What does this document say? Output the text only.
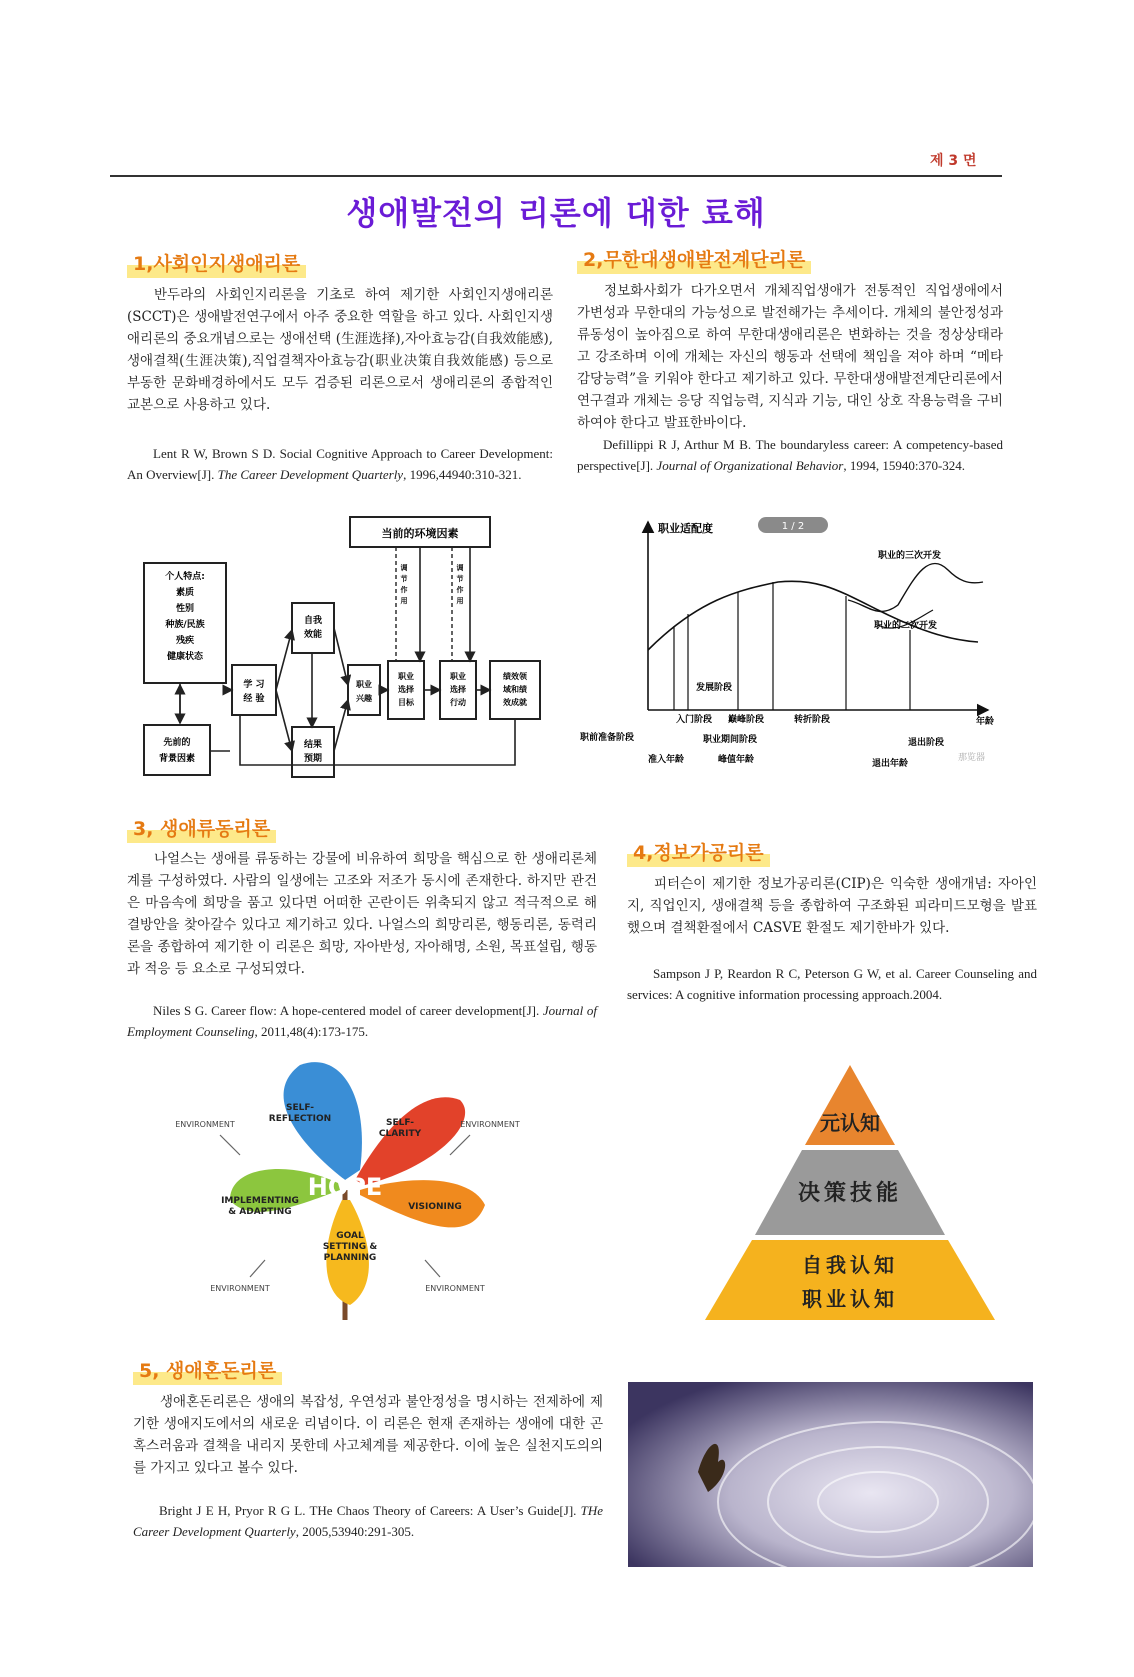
제 3 면
생애발전의 리론에 대한 료해
1,사회인지생애리론

반두라의 사회인지리론을 기초로 하여 제기한 사회인지생애리론(SCCT)은 생애발전연구에서 아주 중요한 역할을 하고 있다. 사회인지생애리론의 중요개념으로는 생애선택 (生涯选择),자아효능감(自我效能感),생애결책(生涯决策),직업결책자아효능감(职业决策自我效能感) 등으로 부동한 문화배경하에서도 모두 검증된 리론으로서 생애리론의 종합적인 교본으로 사용하고 있다.

Lent R W, Brown S D. Social Cognitive Approach to Career Development: An Overview[J]. The Career Development Quarterly, 1996,44940:310-321.

2,무한대생애발전계단리론

정보화사회가 다가오면서 개체직업생애가 전통적인 직업생애에서 가변성과 무한대의 가능성으로 발전해가는 추세이다. 개체의 불안정성과 류동성이 높아짐으로 하여 무한대생애리론은 변화하는 것을 정상상태라고 강조하며 이에 개체는 자신의 행동과 선택에 책임을 져야 하며 “메타감당능력”을 키워야 한다고 제기하고 있다. 무한대생애발전계단리론에서 연구결과 개체는 응당 직업능력, 지식과 기능, 대인 상호 작용능력을 구비하여야 한다고 발표한바이다.

Defillippi R J, Arthur M B. The boundaryless career: A competency-based perspective[J]. Journal of Organizational Behavior, 1994, 15940:370-324.

当前的环境因素
个人特点:
素质
性别
种族/民族
残疾
健康状态
先前的
背景因素
学 习
经 验
自我
效能
结果
预期
职业
兴趣
职业
选择
目标
职业
选择
行动
绩效领
域和绩
效成就
调
节
作
用
调
节
作
用
1 / 2
职业适配度
职业的三次开发
职业的二次开发
发展阶段
入门阶段 巅峰阶段	转折阶段
职业期间阶段
职前准备阶段	退出阶段
准入年龄	峰值年龄	退出年龄
年龄
那览器
3, 생애류동리론

나얼스는 생애를 류동하는 강물에 비유하여 희망을 핵심으로 한 생애리론체계를 구성하였다. 사람의 일생에는 고조와 저조가 동시에 존재한다. 하지만 관건은 마음속에 희망을 품고 있다면 어떠한 곤란이든 위축되지 않고 적극적으로 해결방안을 찾아갈수 있다고 제기하고 있다. 나얼스의 희망리론, 행동리론, 동력리론을 종합하여 제기한 이 리론은 희망, 자아반성, 자아해명, 소원, 목표설립, 행동과 적응 등 요소로 구성되였다.

Niles S G. Career flow: A hope-centered model of career development[J]. Journal of Employment Counseling, 2011,48(4):173-175.

4,정보가공리론

피터슨이 제기한 정보가공리론(CIP)은 익숙한 생애개념: 자아인지, 직업인지, 생애결책 등을 종합하여 구조화된 피라미드모형을 발표했으며 결책환절에서 CASVE 환절도 제기한바가 있다.

Sampson J P, Reardon R C, Peterson G W, et al. Career Counseling and services: A cognitive information processing approach.2004.

HOPE
SELF-
REFLECTION	SELF-
CLARITY
VISIONING
GOAL
SETTING &
PLANNING
IMPLEMENTING
& ADAPTING
ENVIRONMENT	ENVIRONMENT
ENVIRONMENT	ENVIRONMENT
元认知
决策技能
自我认知
职业认知
5, 생애혼돈리론

생애혼돈리론은 생애의 복잡성, 우연성과 불안정성을 명시하는 전제하에 제기한 생애지도에서의 새로운 리념이다. 이 리론은 현재 존재하는 생애에 대한 곤혹스러움과 결책을 내리지 못한데 사고체계를 제공한다. 이에 높은 실천지도의의를 가지고 있다고 볼수 있다.

Bright J E H, Pryor R G L. THe Chaos Theory of Careers: A User’s Guide[J]. THe Career Development Quarterly, 2005,53940:291-305.
